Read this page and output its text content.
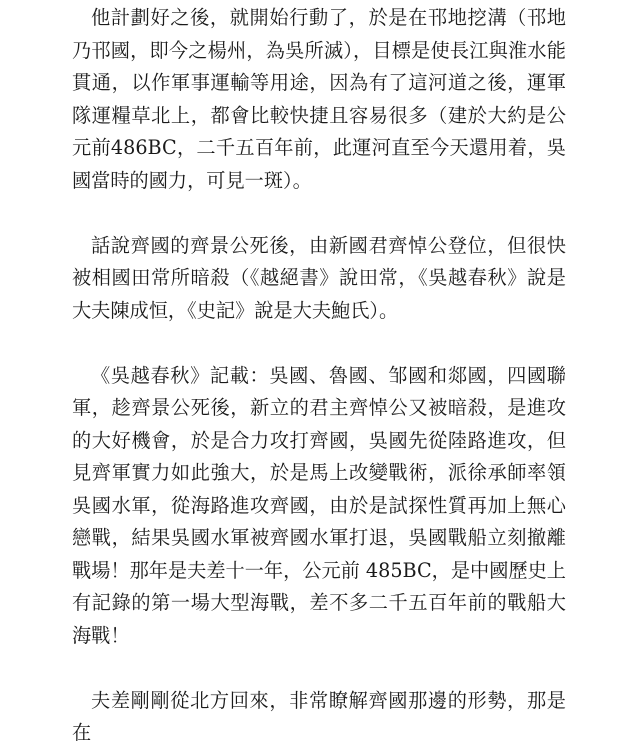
他計劃好之後，就開始行動了，於是在邗地挖溝（邗地乃邗國，即今之楊州，為吳所滅），目標是使長江與淮水能貫通，以作軍事運輸等用途，因為有了這河道之後，運軍隊運糧草北上，都會比較快捷且容易很多（建於大約是公元前486BC，二千五百年前，此運河直至今天還用着，吳國當時的國力，可見一斑）。

話說齊國的齊景公死後，由新國君齊悼公登位，但很快被相國田常所暗殺（《越絕書》說田常，《吳越春秋》說是大夫陳成恒，《史記》說是大夫鮑氏）。

《吳越春秋》記載：吳國、魯國、邹國和郯國，四國聯軍，趁齊景公死後，新立的君主齊悼公又被暗殺，是進攻的大好機會，於是合力攻打齊國，吳國先從陸路進攻，但見齊軍實力如此強大，於是馬上改變戰術，派徐承師率領吳國水軍，從海路進攻齊國，由於是試探性質再加上無心戀戰，結果吳國水軍被齊國水軍打退，吳國戰船立刻撤離戰場！那年是夫差十一年，公元前 485BC，是中國歷史上有記錄的第一場大型海戰，差不多二千五百年前的戰船大海戰！

夫差剛剛從北方回來，非常瞭解齊國那邊的形勢，那是在
